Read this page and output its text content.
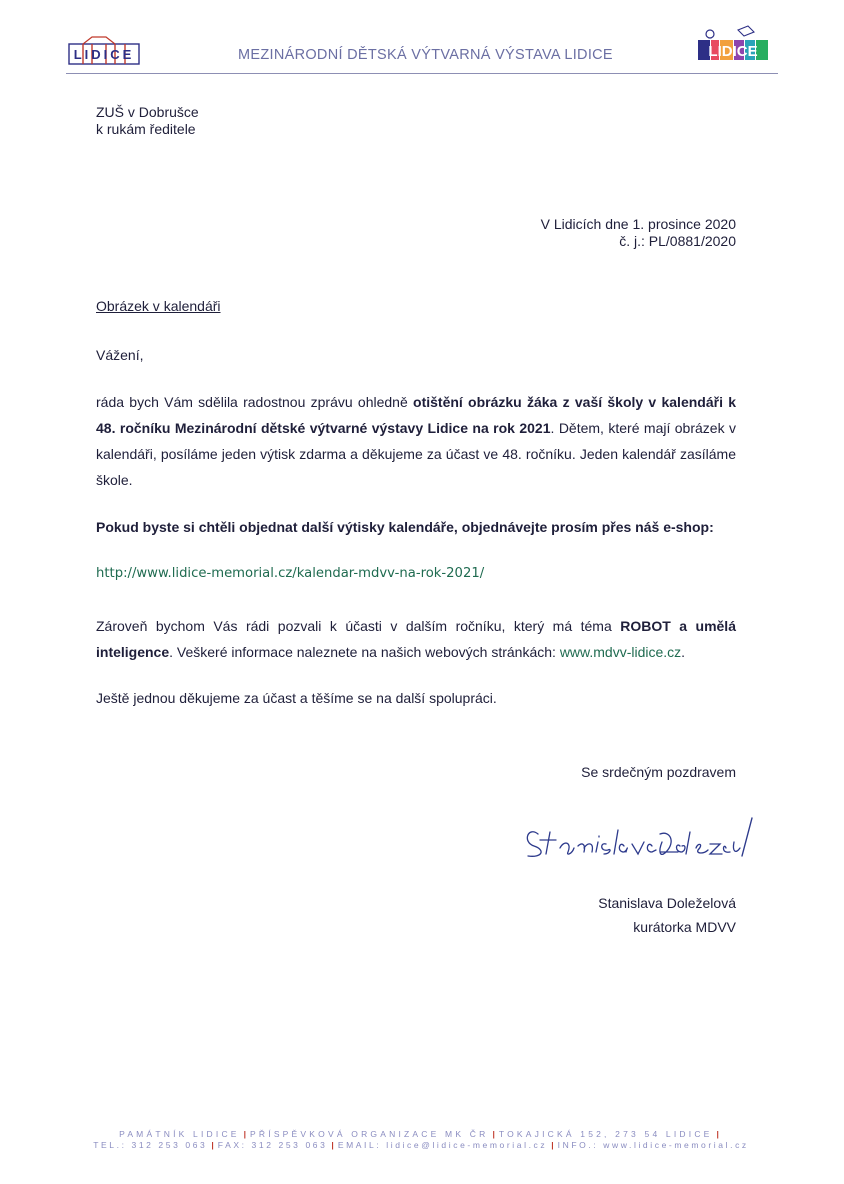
LIDICE	MEZINÁRODNÍ DĚTSKÁ VÝTVARNÁ VÝSTAVA LIDICE	LIDICE
ZUŠ v Dobrušce
k rukám ředitele
V Lidicích dne 1. prosince 2020
č. j.: PL/0881/2020
Obrázek v kalendáři
Vážení,
ráda bych Vám sdělila radostnou zprávu ohledně otištění obrázku žáka z vaší školy v kalendáři k 48. ročníku Mezinárodní dětské výtvarné výstavy Lidice na rok 2021. Dětem, které mají obrázek v kalendáři, posíláme jeden výtisk zdarma a děkujeme za účast ve 48. ročníku. Jeden kalendář zasíláme škole.
Pokud byste si chtěli objednat další výtisky kalendáře, objednávejte prosím přes náš e-shop:
http://www.lidice-memorial.cz/kalendar-mdvv-na-rok-2021/
Zároveň bychom Vás rádi pozvali k účasti v dalším ročníku, který má téma ROBOT a umělá inteligence. Veškeré informace naleznete na našich webových stránkách: www.mdvv-lidice.cz.
Ještě jednou děkujeme za účast a těšíme se na další spolupráci.
Se srdečným pozdravem
Stanislava Doleželová
kurátorka MDVV
PAMÁTNÍK LIDICE | PŘÍSPĚVKOVÁ ORGANIZACE MK ČR | TOKAJICKÁ 152, 273 54 LIDICE |
TEL.: 312 253 063 | FAX: 312 253 063 | EMAIL: lidice@lidice-memorial.cz | INFO.: www.lidice-memorial.cz
